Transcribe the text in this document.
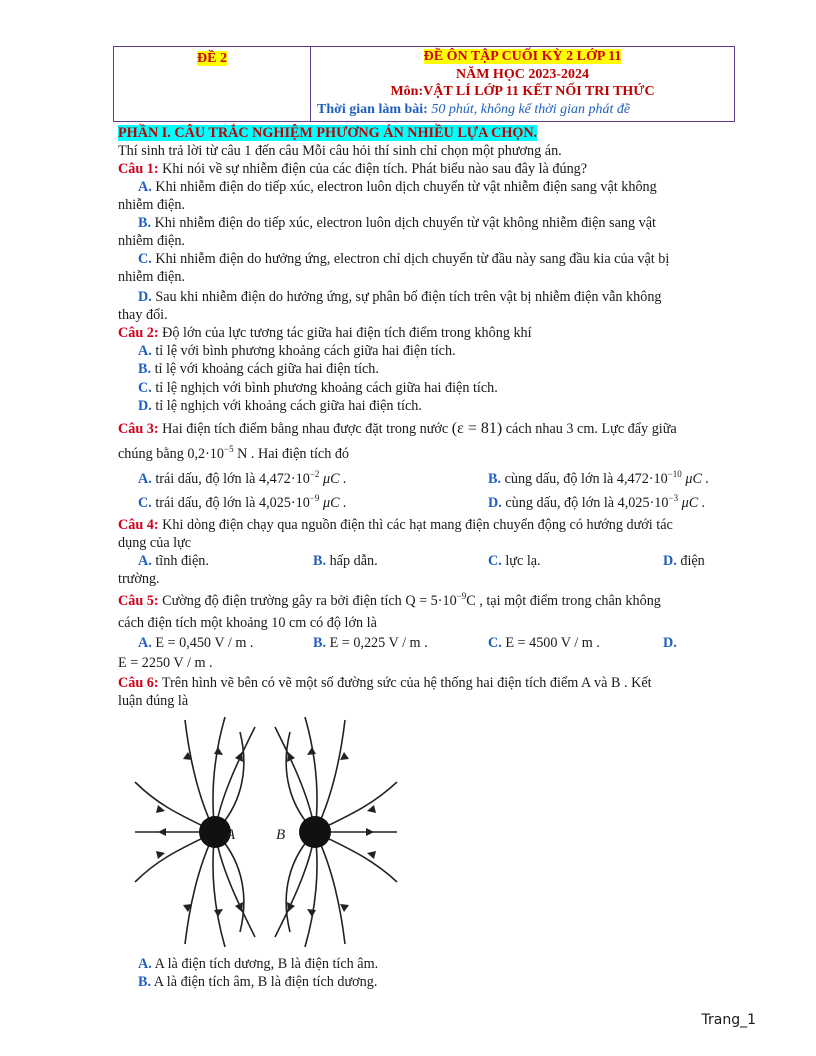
ĐỀ 2	ĐỀ ÔN TẬP CUỐI KỲ 2 LỚP 11
NĂM HỌC 2023-2024
Môn:VẬT LÍ LỚP 11 KẾT NỐI TRI THỨC
Thời gian làm bài: 50 phút, không kể thời gian phát đề
PHẦN I. CÂU TRẮC NGHIỆM PHƯƠNG ÁN NHIỀU LỰA CHỌN.
Thí sinh trả lời từ câu 1 đến câu Mỗi câu hỏi thí sinh chỉ chọn một phương án.
Câu 1: Khi nói về sự nhiễm điện của các điện tích. Phát biểu nào sau đây là đúng?
A. Khi nhiễm điện do tiếp xúc, electron luôn dịch chuyển từ vật nhiễm điện sang vật không
nhiễm điện.
B. Khi nhiễm điện do tiếp xúc, electron luôn dịch chuyển từ vật không nhiễm điện sang vật
nhiễm điện.
C. Khi nhiễm điện do hưởng ứng, electron chỉ dịch chuyển từ đầu này sang đầu kia của vật bị
nhiễm điện.
D. Sau khi nhiễm điện do hưởng ứng, sự phân bố điện tích trên vật bị nhiễm điện vẫn không
thay đổi.
Câu 2: Độ lớn của lực tương tác giữa hai điện tích điểm trong không khí
A. tỉ lệ với bình phương khoảng cách giữa hai điện tích.
B. tỉ lệ với khoảng cách giữa hai điện tích.
C. tỉ lệ nghịch với bình phương khoảng cách giữa hai điện tích.
D. tỉ lệ nghịch với khoảng cách giữa hai điện tích.
Câu 3: Hai điện tích điểm bằng nhau được đặt trong nước (ε = 81) cách nhau 3 cm. Lực đẩy giữa
chúng bằng $0,2\cdot 10^{-5}$ N . Hai điện tích đó
A. trái dấu, độ lớn là $4,472\cdot 10^{-2}$ μC .	B. cùng dấu, độ lớn là $4,472\cdot 10^{-10}$ μC .
C. trái dấu, độ lớn là $4,025\cdot 10^{-9}$ μC .	D. cùng dấu, độ lớn là $4,025\cdot 10^{-3}$ μC .
Câu 4: Khi dòng điện chạy qua nguồn điện thì các hạt mang điện chuyển động có hướng dưới tác
dụng của lực
A. tĩnh điện.	B. hấp dẫn.	C. lực lạ.	D. điện
trường.
Câu 5: Cường độ điện trường gây ra bởi điện tích $Q = 5\cdot 10^{-9}C$ , tại một điểm trong chân không
cách điện tích một khoảng 10 cm có độ lớn là
A. E = 0,450 V / m .	B. E = 0,225 V / m .	C. E = 4500 V / m .	D.
E = 2250 V / m .
Câu 6: Trên hình vẽ bên có vẽ một số đường sức của hệ thống hai điện tích điểm A và B . Kết
luận đúng là
A	B
A. A là điện tích dương, B là điện tích âm.
B. A là điện tích âm, B là điện tích dương.
Trang_1
